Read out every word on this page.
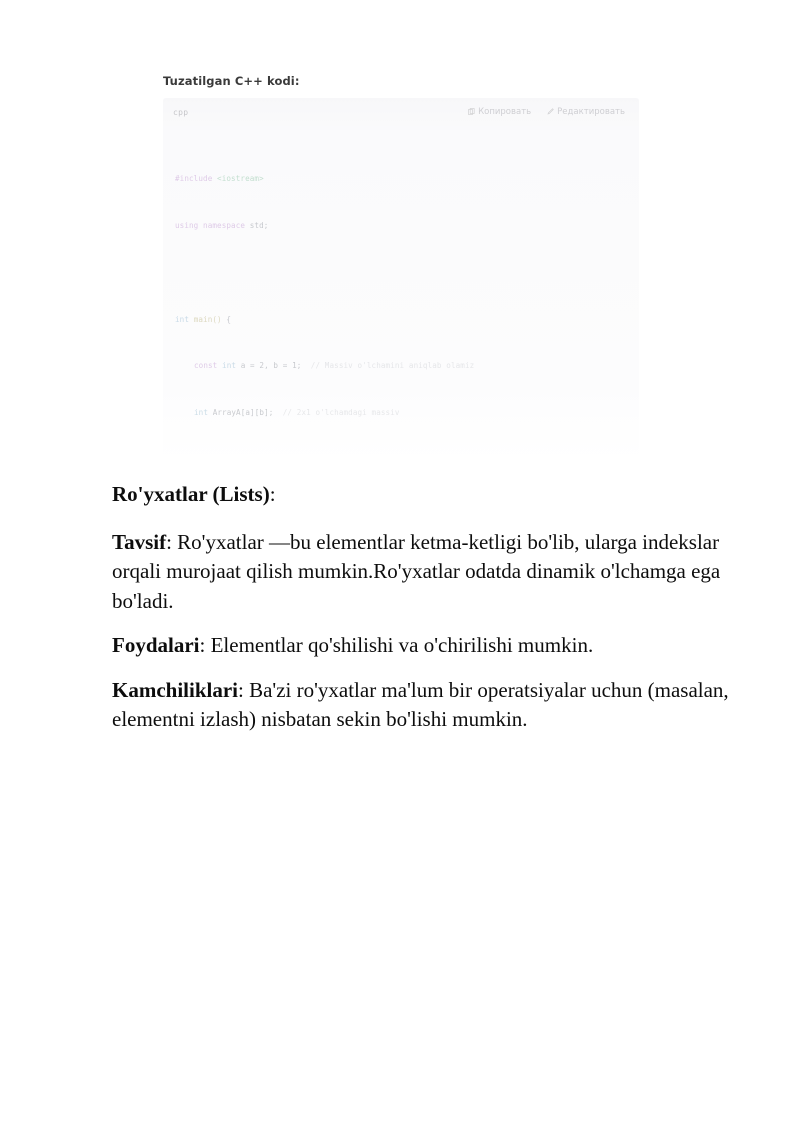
Tuzatilgan C++ kodi:
cpp	Копировать	Редактировать

#include <iostream>

using namespace std;

int main() {

const int a = 2, b = 1; // Massiv o'lchamini aniqlab olamiz

int ArrayA[a][b]; // 2x1 o'lchamdagi massiv

Ro'yxatlar (Lists):

Tavsif: Ro'yxatlar —bu elementlar ketma-ketligi bo'lib, ularga indekslar orqali murojaat qilish mumkin.Ro'yxatlar odatda dinamik o'lchamga ega bo'ladi.

Foydalari: Elementlar qo'shilishi va o'chirilishi mumkin.

Kamchiliklari: Ba'zi ro'yxatlar ma'lum bir operatsiyalar uchun (masalan, elementni izlash) nisbatan sekin bo'lishi mumkin.
